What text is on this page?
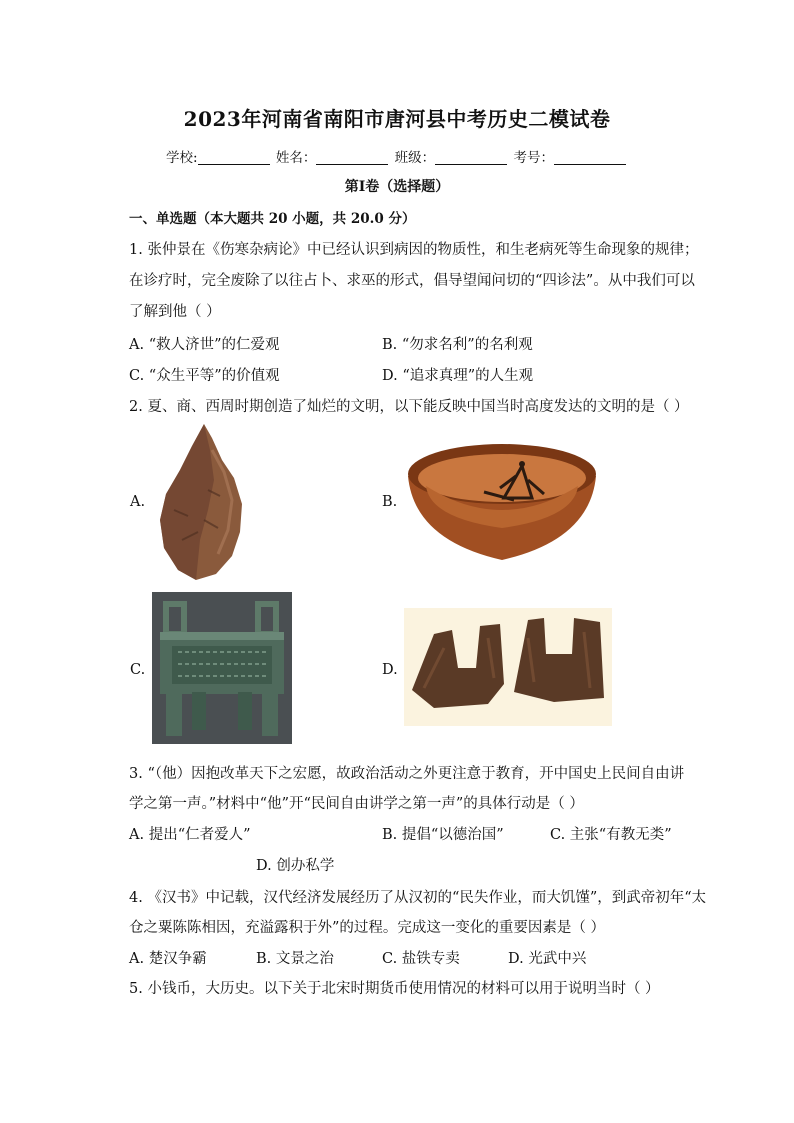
2023年河南省南阳市唐河县中考历史二模试卷
学校:	姓名：	班级：	考号：
第Ⅰ卷（选择题）
一、单选题（本大题共 20 小题，共 20.0 分）
1. 张仲景在《伤寒杂病论》中已经认识到病因的物质性，和生老病死等生命现象的规律；
在诊疗时，完全废除了以往占卜、求巫的形式，倡导望闻问切的“四诊法”。从中我们可以
了解到他（ ）
A. “救人济世”的仁爱观	B. “勿求名利”的名利观
C. “众生平等”的价值观	D. “追求真理”的人生观
2. 夏、商、西周时期创造了灿烂的文明，以下能反映中国当时高度发达的文明的是（ ）
A.	B.
C.	D.
3. “（他）因抱改革天下之宏愿，故政治活动之外更注意于教育，开中国史上民间自由讲
学之第一声。”材料中“他”开“民间自由讲学之第一声”的具体行动是（ ）
A. 提出“仁者爱人”	B. 提倡“以德治国”	C. 主张“有教无类”
D. 创办私学
4. 《汉书》中记载，汉代经济发展经历了从汉初的“民失作业，而大饥馑”，到武帝初年“太
仓之粟陈陈相因，充溢露积于外”的过程。完成这一变化的重要因素是（ ）
A. 楚汉争霸	B. 文景之治	C. 盐铁专卖	D. 光武中兴
5. 小钱币，大历史。以下关于北宋时期货币使用情况的材料可以用于说明当时（ ）
